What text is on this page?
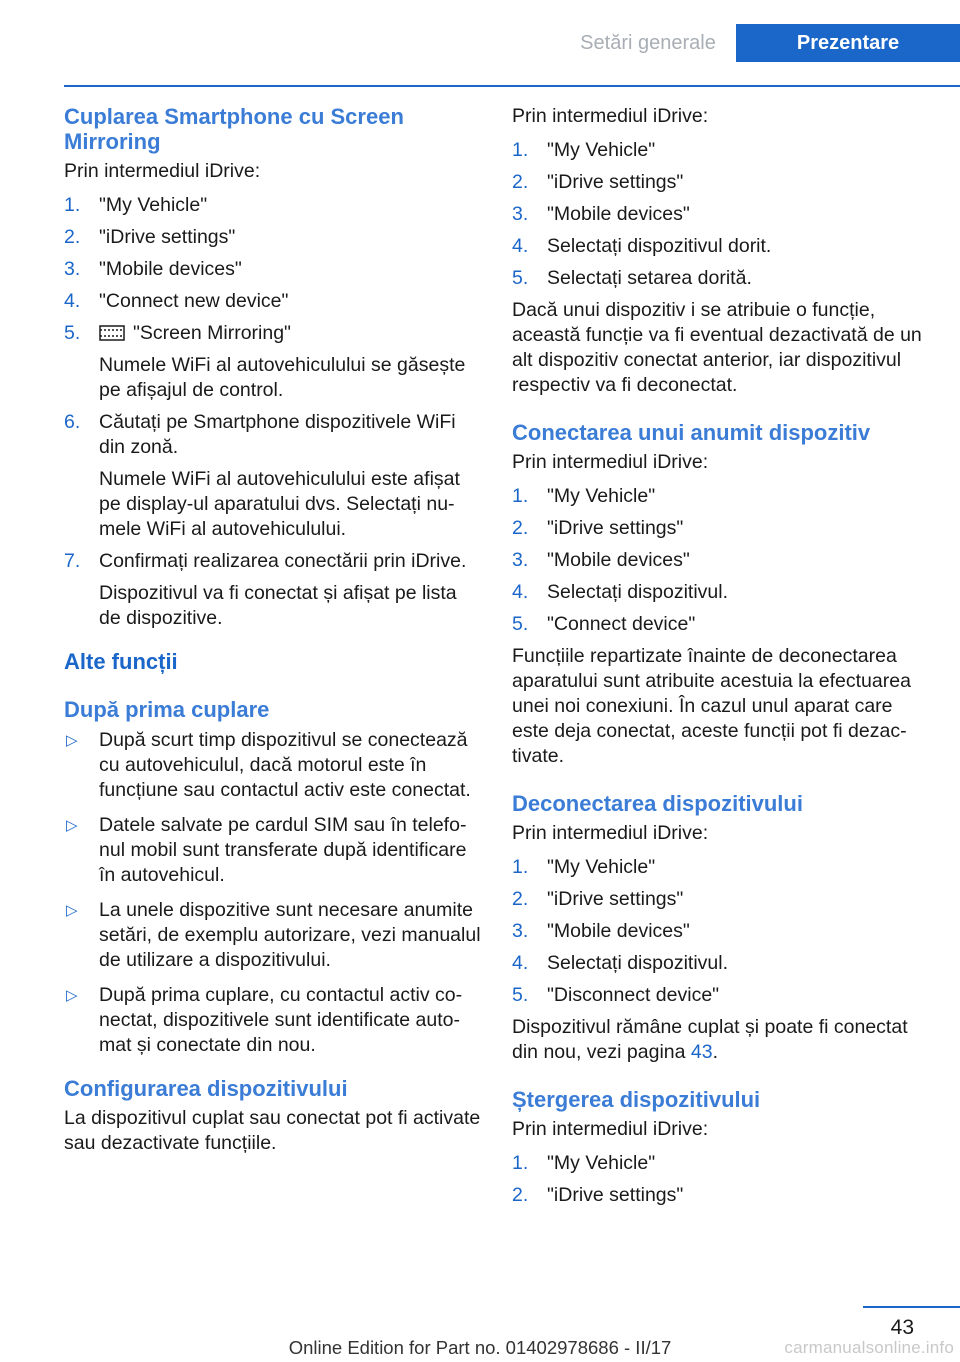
Setări generale	Prezentare
Cuplarea Smartphone cu Screen Mirroring

Prin intermediul iDrive:

1. "My Vehicle"
2. "iDrive settings"
3. "Mobile devices"
4. "Connect new device"
5.	"Screen Mirroring"
Numele WiFi al autovehiculului se găsește pe afișajul de control.
6. Căutați pe Smartphone dispozitivele WiFi din zonă.
Numele WiFi al autovehiculului este afișat pe display-ul aparatului dvs. Selectați numele WiFi al autovehiculului.
7. Confirmați realizarea conectării prin iDrive.
Dispozitivul va fi conectat și afișat pe lista de dispozitive.
Alte funcții
După prima cuplare
▷ După scurt timp dispozitivul se conectează cu autovehiculul, dacă motorul este în funcțiune sau contactul activ este conectat.
▷ Datele salvate pe cardul SIM sau în telefonul mobil sunt transferate după identificare în autovehicul.
▷ La unele dispozitive sunt necesare anumite setări, de exemplu autorizare, vezi manualul de utilizare a dispozitivului.
▷ După prima cuplare, cu contactul activ conectat, dispozitivele sunt identificate automat și conectate din nou.
Configurarea dispozitivului

La dispozitivul cuplat sau conectat pot fi activate sau dezactivate funcțiile.

Prin intermediul iDrive:

1. "My Vehicle"
2. "iDrive settings"
3. "Mobile devices"
4. Selectați dispozitivul dorit.
5. Selectați setarea dorită.

Dacă unui dispozitiv i se atribuie o funcție, această funcție va fi eventual dezactivată de un alt dispozitiv conectat anterior, iar dispozitivul respectiv va fi deconectat.

Conectarea unui anumit dispozitiv

Prin intermediul iDrive:

1. "My Vehicle"
2. "iDrive settings"
3. "Mobile devices"
4. Selectați dispozitivul.
5. "Connect device"

Funcțiile repartizate înainte de deconectarea aparatului sunt atribuite acestuia la efectuarea unei noi conexiuni. În cazul unul aparat care este deja conectat, aceste funcții pot fi dezactivate.

Deconectarea dispozitivului

Prin intermediul iDrive:

1. "My Vehicle"
2. "iDrive settings"
3. "Mobile devices"
4. Selectați dispozitivul.
5. "Disconnect device"

Dispozitivul rămâne cuplat și poate fi conectat din nou, vezi pagina 43.

Ștergerea dispozitivului

Prin intermediul iDrive:

1. "My Vehicle"
2. "iDrive settings"
43
Online Edition for Part no. 01402978686 - II/17	carmanualsonline.info
